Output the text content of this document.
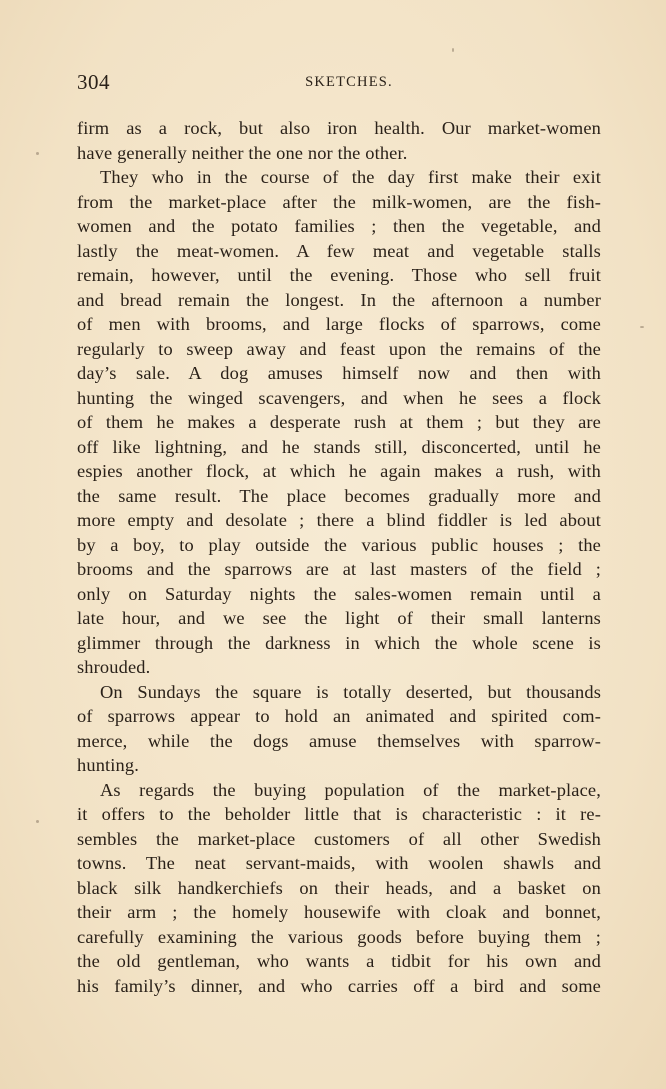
304	SKETCHES.
firm as a rock, but also iron health. Our market-women
have generally neither the one nor the other.
They who in the course of the day first make their exit
from the market-place after the milk-women, are the fish-
women and the potato families ; then the vegetable, and
lastly the meat-women. A few meat and vegetable stalls
remain, however, until the evening. Those who sell fruit
and bread remain the longest. In the afternoon a number
of men with brooms, and large flocks of sparrows, come
regularly to sweep away and feast upon the remains of the
day’s sale. A dog amuses himself now and then with
hunting the winged scavengers, and when he sees a flock
of them he makes a desperate rush at them ; but they are
off like lightning, and he stands still, disconcerted, until he
espies another flock, at which he again makes a rush, with
the same result. The place becomes gradually more and
more empty and desolate ; there a blind fiddler is led about
by a boy, to play outside the various public houses ; the
brooms and the sparrows are at last masters of the field ;
only on Saturday nights the sales-women remain until a
late hour, and we see the light of their small lanterns
glimmer through the darkness in which the whole scene is
shrouded.
On Sundays the square is totally deserted, but thousands
of sparrows appear to hold an animated and spirited com-
merce, while the dogs amuse themselves with sparrow-
hunting.
As regards the buying population of the market-place,
it offers to the beholder little that is characteristic : it re-
sembles the market-place customers of all other Swedish
towns. The neat servant-maids, with woolen shawls and
black silk handkerchiefs on their heads, and a basket on
their arm ; the homely housewife with cloak and bonnet,
carefully examining the various goods before buying them ;
the old gentleman, who wants a tidbit for his own and
his family’s dinner, and who carries off a bird and some
